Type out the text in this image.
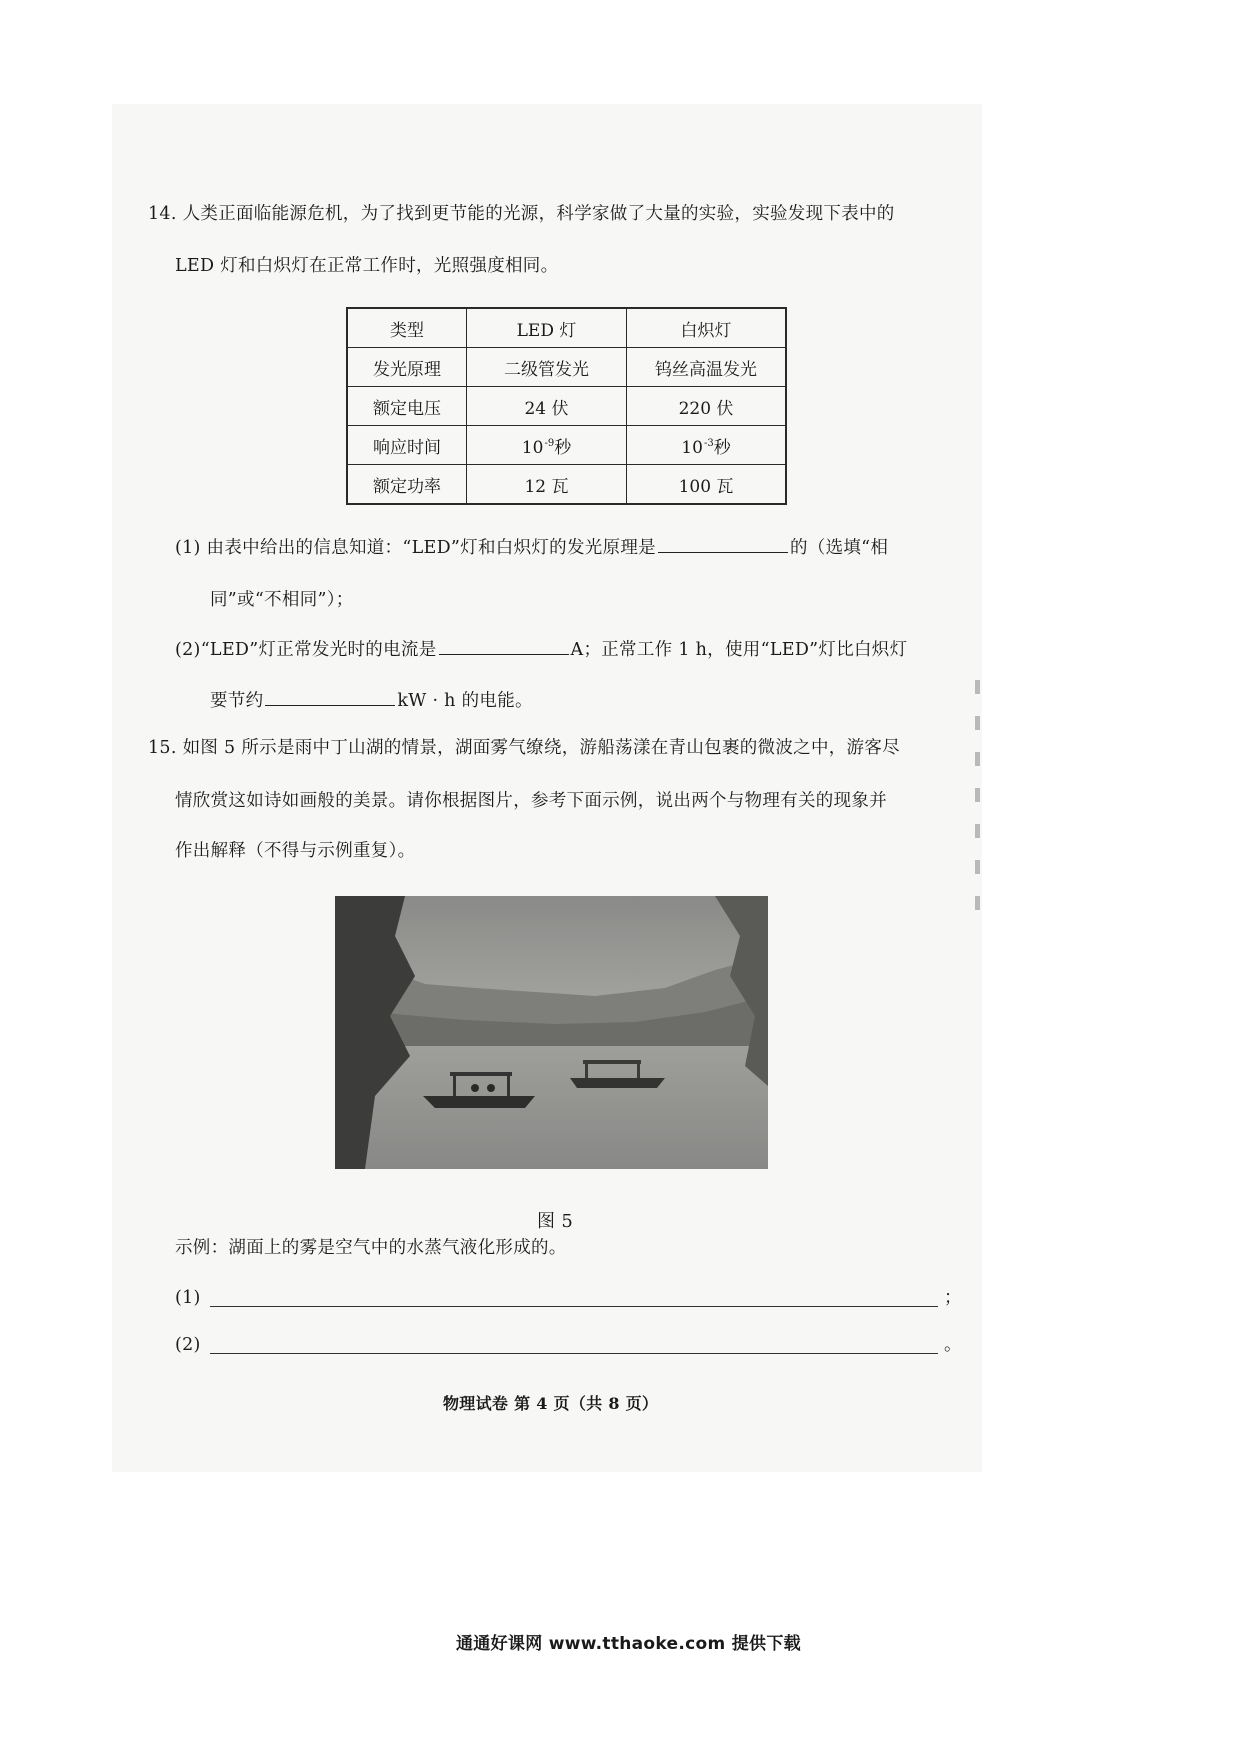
14. 人类正面临能源危机，为了找到更节能的光源，科学家做了大量的实验，实验发现下表中的
LED 灯和白炽灯在正常工作时，光照强度相同。
类型	LED 灯	白炽灯
发光原理	二级管发光	钨丝高温发光
额定电压	24 伏	220 伏
响应时间	$10^{-9}$秒	$10^{-3}$秒
额定功率	12 瓦	100 瓦
(1) 由表中给出的信息知道：“LED”灯和白炽灯的发光原理是	的（选填“相
同”或“不相同”）；
(2)“LED”灯正常发光时的电流是	A；正常工作 1 h，使用“LED”灯比白炽灯
要节约	kW · h 的电能。
15. 如图 5 所示是雨中丁山湖的情景，湖面雾气缭绕，游船荡漾在青山包裹的微波之中，游客尽
情欣赏这如诗如画般的美景。请你根据图片，参考下面示例，说出两个与物理有关的现象并
作出解释（不得与示例重复）。
图 5
示例：湖面上的雾是空气中的水蒸气液化形成的。
(1)	；
(2)	。
物理试卷 第 4 页（共 8 页）
通通好课网 www.tthaoke.com 提供下载
